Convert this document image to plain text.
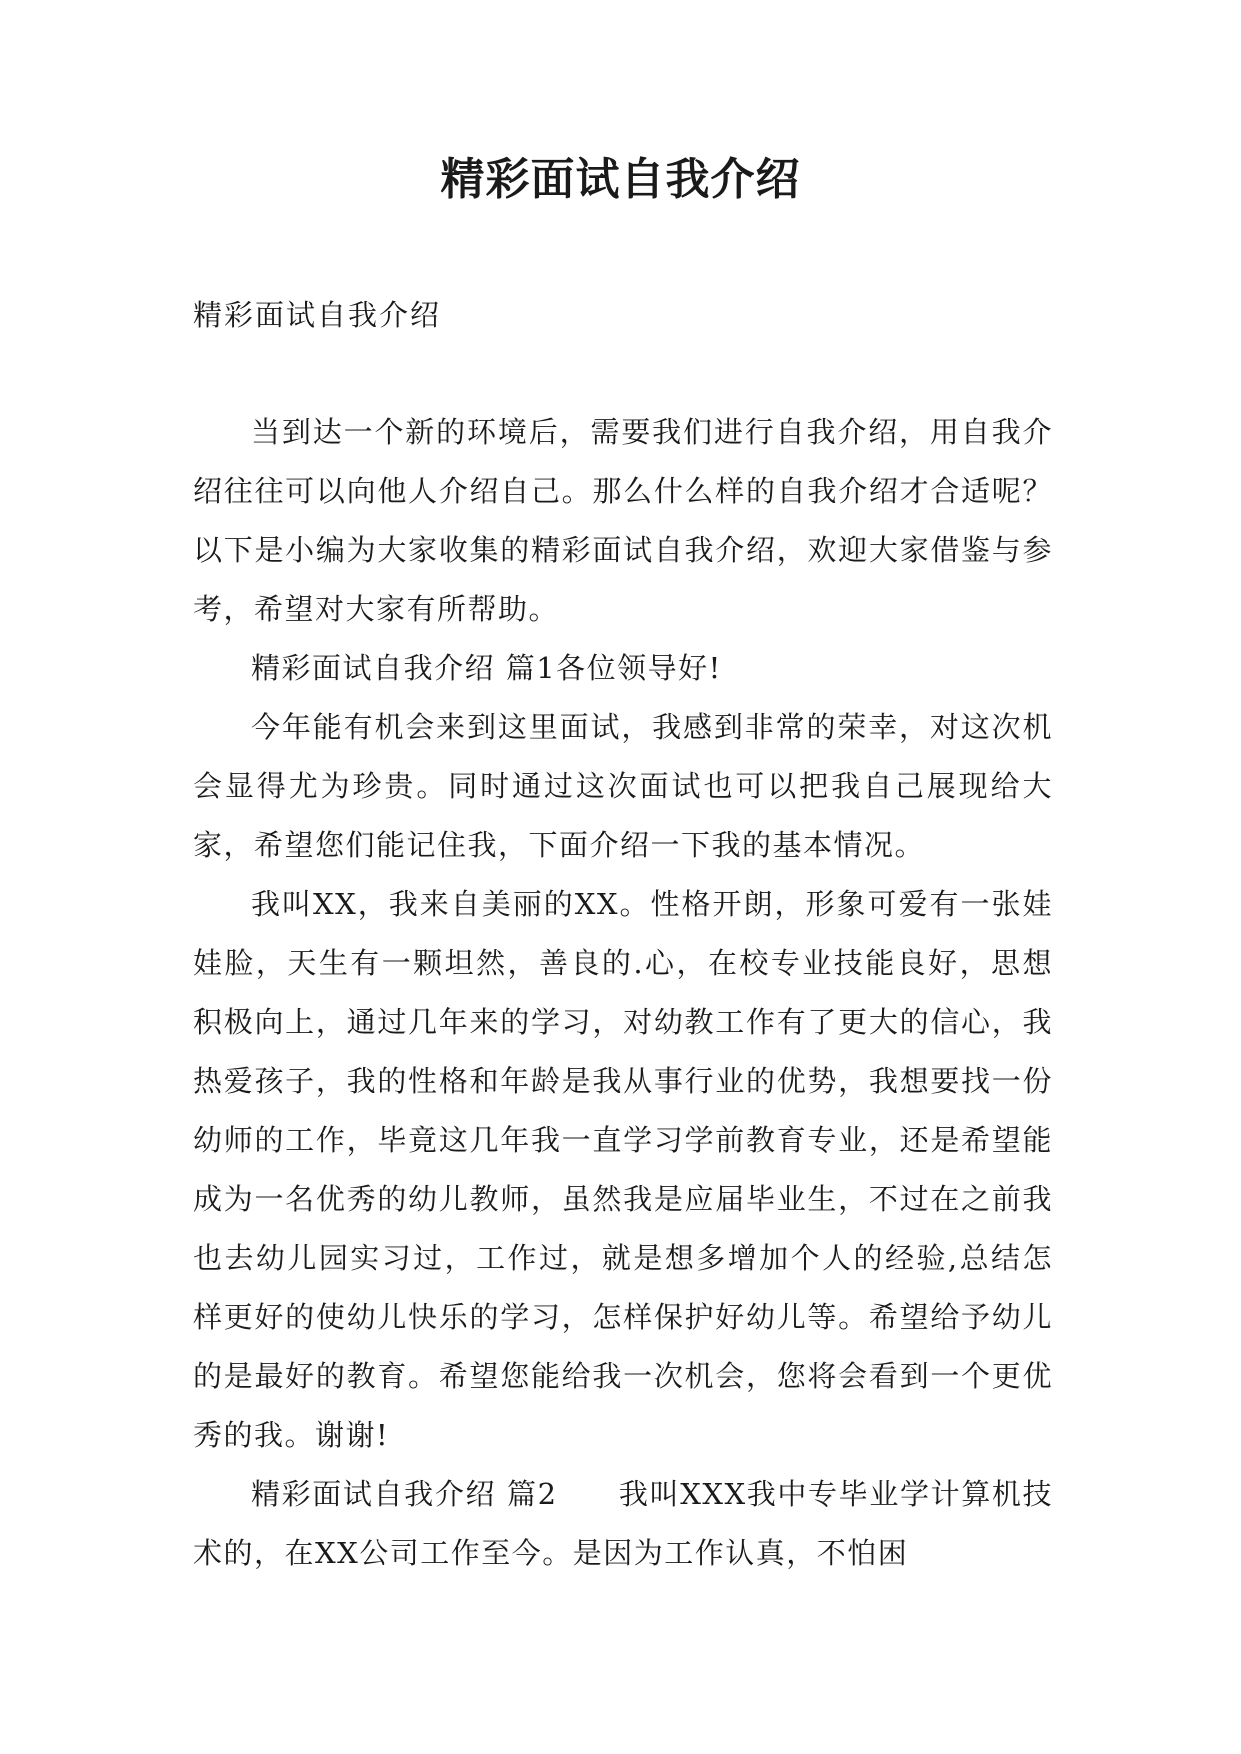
精彩面试自我介绍
精彩面试自我介绍

当到达一个新的环境后，需要我们进行自我介绍，用自我介绍往往可以向他人介绍自己。那么什么样的自我介绍才合适呢？以下是小编为大家收集的精彩面试自我介绍，欢迎大家借鉴与参考，希望对大家有所帮助。

精彩面试自我介绍 篇1各位领导好!

今年能有机会来到这里面试，我感到非常的荣幸，对这次机会显得尤为珍贵。同时通过这次面试也可以把我自己展现给大家，希望您们能记住我，下面介绍一下我的基本情况。

我叫XX，我来自美丽的XX。性格开朗，形象可爱有一张娃娃脸，天生有一颗坦然，善良的.心，在校专业技能良好，思想积极向上，通过几年来的学习，对幼教工作有了更大的信心，我热爱孩子，我的性格和年龄是我从事行业的优势，我想要找一份幼师的工作，毕竟这几年我一直学习学前教育专业，还是希望能成为一名优秀的幼儿教师，虽然我是应届毕业生，不过在之前我也去幼儿园实习过，工作过，就是想多增加个人的经验,总结怎样更好的使幼儿快乐的学习，怎样保护好幼儿等。希望给予幼儿的是最好的教育。希望您能给我一次机会，您将会看到一个更优秀的我。谢谢!

精彩面试自我介绍 篇2　　我叫XXX我中专毕业学计算机技术的，在XX公司工作至今。是因为工作认真，不怕困
